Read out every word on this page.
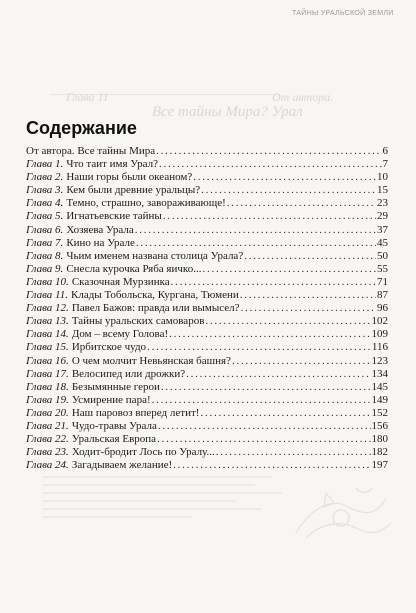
ТАЙНЫ УРАЛЬСКОЙ ЗЕМЛИ
Глава 11	От автора.
Все тайны Мира? Урал
Содержание
От автора. Все тайны Мира . . .	6
Глава 1. Что таит имя Урал? . . .	7
Глава 2. Наши горы были океаном? . . .	10
Глава 3. Кем были древние уральцы? . . .	15
Глава 4. Темно, страшно, завораживающе! . . .	23
Глава 5. Игнатьевские тайны . . .	29
Глава 6. Хозяева Урала . . .	37
Глава 7. Кино на Урале . . .	45
Глава 8. Чьим именем названа столица Урала? . . .	50
Глава 9. Снесла курочка Ряба яичко... . . .	55
Глава 10. Сказочная Мурзинка . . .	71
Глава 11. Клады Тобольска, Кургана, Тюмени . . .	87
Глава 12. Павел Бажов: правда или вымысел? . . .	96
Глава 13. Тайны уральских самоваров . . .	102
Глава 14. Дом – всему Голова! . . .	109
Глава 15. Ирбитское чудо . . .	116
Глава 16. О чем молчит Невьянская башня? . . .	123
Глава 17. Велосипед или дрожки? . . .	134
Глава 18. Безымянные герои . . .	145
Глава 19. Усмирение пара! . . .	149
Глава 20. Наш паровоз вперед летит! . . .	152
Глава 21. Чудо-травы Урала . . .	156
Глава 22. Уральская Европа . . .	180
Глава 23. Ходит-бродит Лось по Уралу... . . .	182
Глава 24. Загадываем желание! . . .	197
